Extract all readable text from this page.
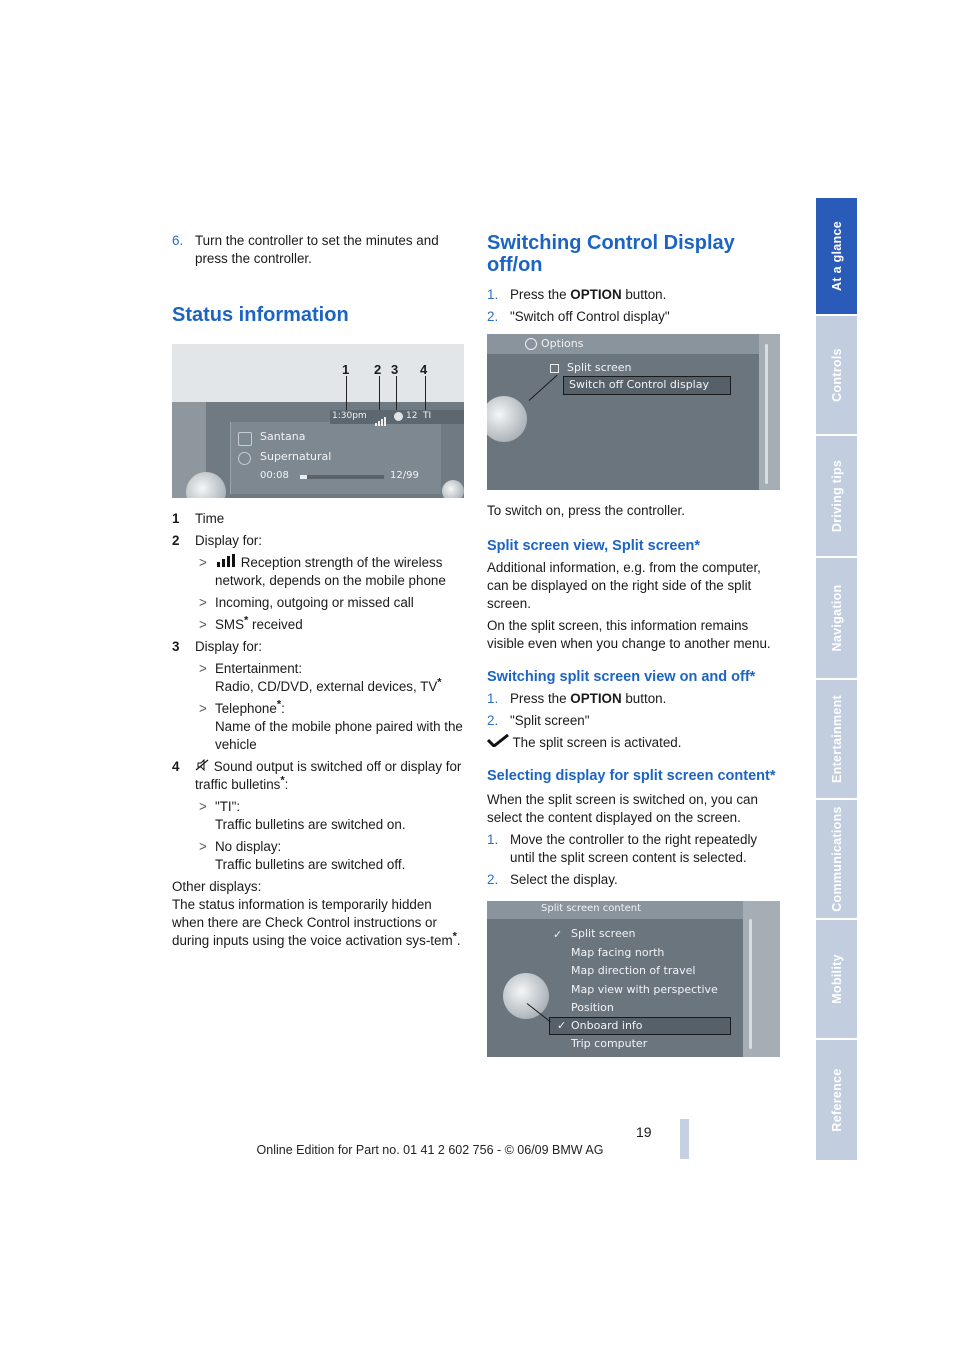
6. Turn the controller to set the minutes and press the controller.

Status information
1 2 3 4
1:30pm	12 TI
Santana
Supernatural
00:08	12/99

1 Time

2 Display for:

>	Reception strength of the wireless network, depends on the mobile phone

> Incoming, outgoing or missed call

> SMS* received

3 Display for:

> Entertainment:
Radio, CD/DVD, external devices, TV*

> Telephone*:
Name of the mobile phone paired with the vehicle

4	Sound output is switched off or display for traffic bulletins*:

> "TI":
Traffic bulletins are switched on.

> No display:
Traffic bulletins are switched off.

Other displays:
The status information is temporarily hidden when there are Check Control instructions or during inputs using the voice activation sys-tem*.

Switching Control Display off/on

1. Press the OPTION button.

2. "Switch off Control display"

Options
Split screen
Switch off Control display

To switch on, press the controller.

Split screen view, Split screen*

Additional information, e.g. from the computer, can be displayed on the right side of the split screen.

On the split screen, this information remains visible even when you change to another menu.

Switching split screen view on and off*

1. Press the OPTION button.

2. "Split screen"

The split screen is activated.

Selecting display for split screen content*

When the split screen is switched on, you can select the content displayed on the screen.

1. Move the controller to the right repeatedly until the split screen content is selected.

2. Select the display.

Split screen content
✓ Split screen
Map facing north
Map direction of travel
Map view with perspective
Position
✓ Onboard info
Trip computer
At a glance
Controls
Driving tips
Navigation
Entertainment
Communications
Mobility
Reference
19
Online Edition for Part no. 01 41 2 602 756 - © 06/09 BMW AG
